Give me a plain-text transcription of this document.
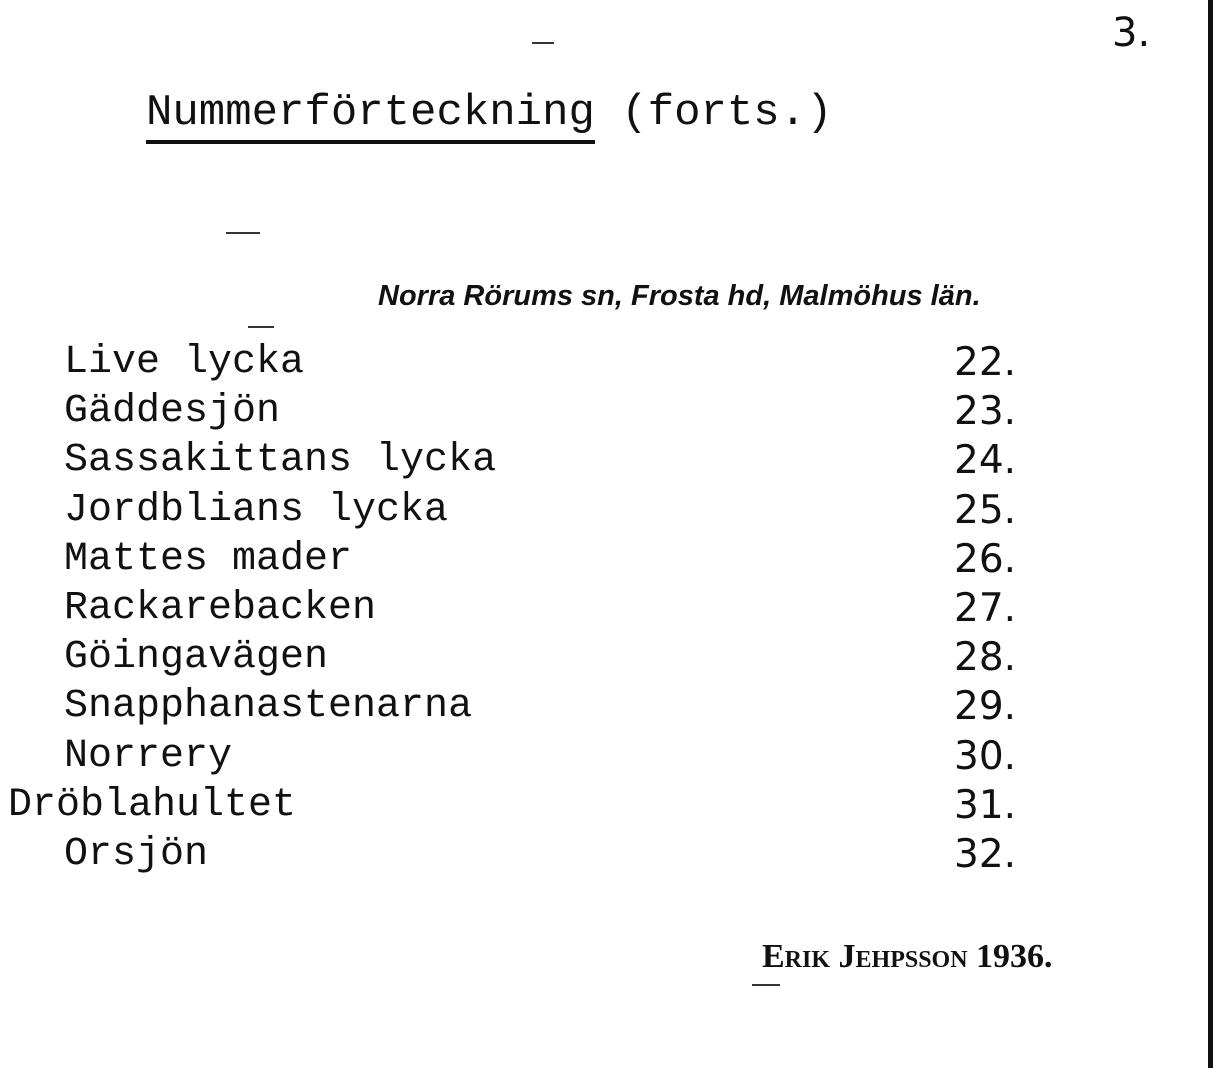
3.
Nummerförteckning (forts.)
Norra Rörums sn, Frosta hd, Malmöhus län.
Live lycka	22.
Gäddesjön	23.
Sassakittans lycka	24.
Jordblians lycka	25.
Mattes mader	26.
Rackarebacken	27.
Göingavägen	28.
Snapphanastenarna	29.
Norrery	30.
Dröblahultet	31.
Orsjön	32.
Erik Jehpsson 1936.
